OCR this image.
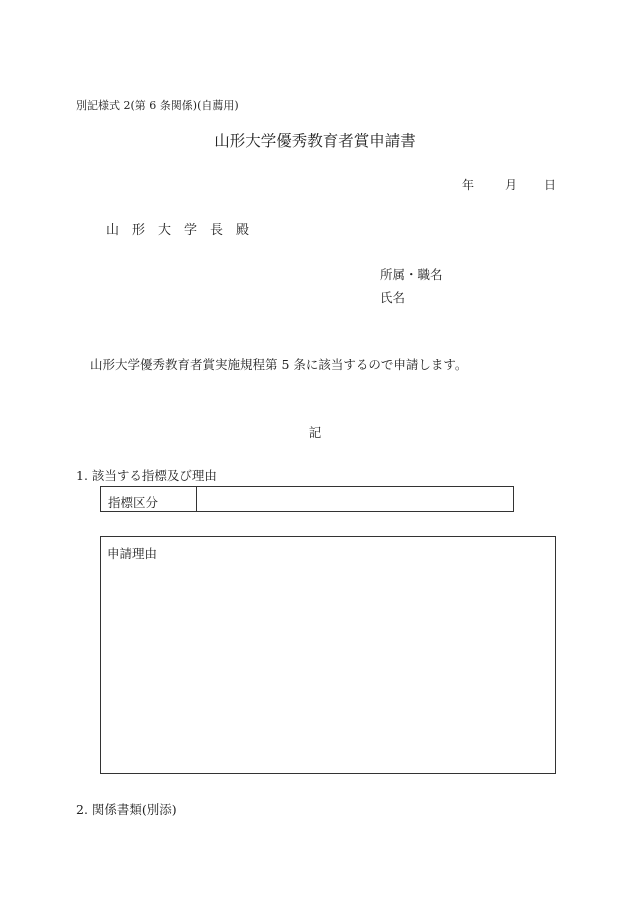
別記様式 2(第 6 条関係)(自薦用)
山形大学優秀教育者賞申請書
年	月 日
山形大学長殿
所属・職名
氏名
山形大学優秀教育者賞実施規程第 5 条に該当するので申請します。
記
1. 該当する指標及び理由
指標区分
申請理由
2. 関係書類(別添)
